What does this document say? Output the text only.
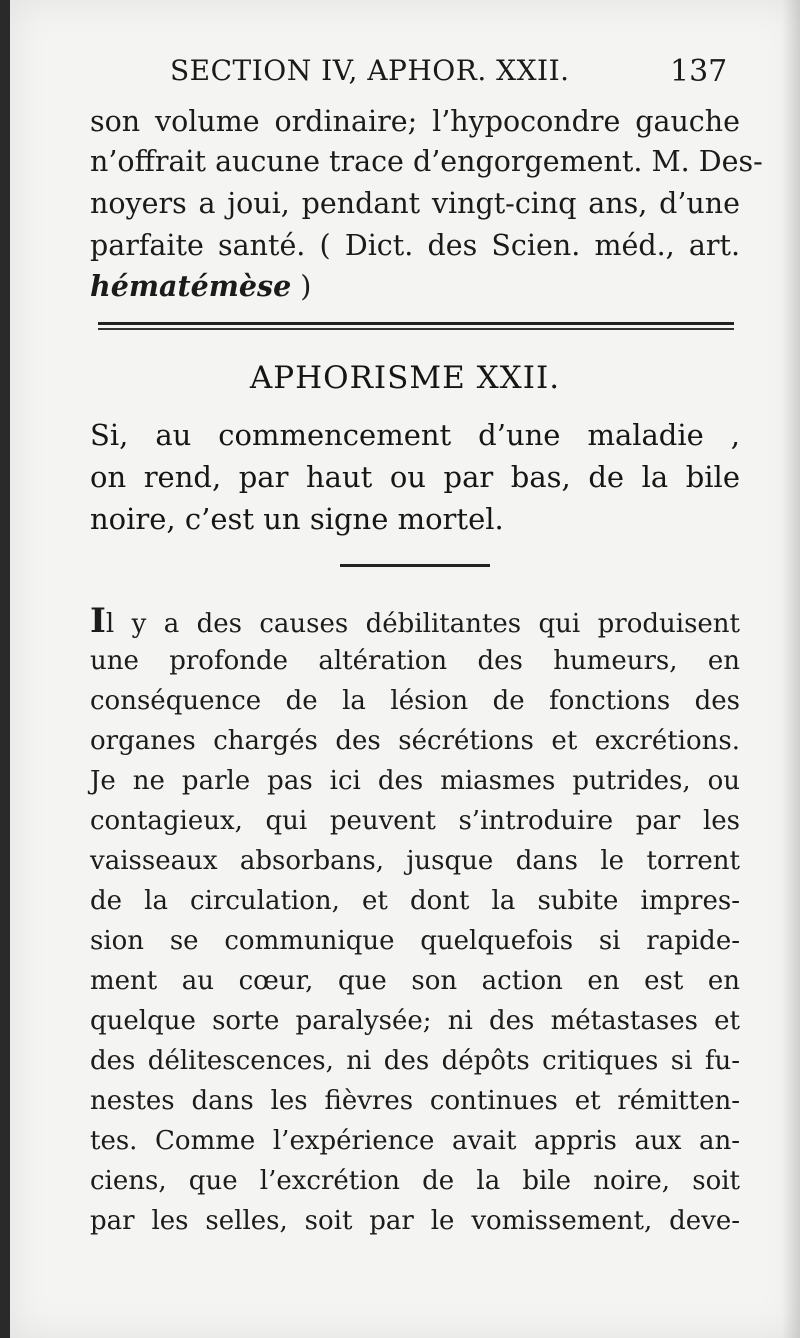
SECTION IV, APHOR. XXII.	137
son volume ordinaire; l’hypocondre gauche
n’offrait aucune trace d’engorgement. M. Des-
noyers a joui, pendant vingt-cinq ans, d’une
parfaite santé. ( Dict. des Scien. méd., art.
hématémèse )
APHORISME XXII.
Si, au commencement d’une maladie ,
on rend, par haut ou par bas, de la bile
noire, c’est un signe mortel.
Il y a des causes débilitantes qui produisent
une profonde altération des humeurs, en
conséquence de la lésion de fonctions des
organes chargés des sécrétions et excrétions.
Je ne parle pas ici des miasmes putrides, ou
contagieux, qui peuvent s’introduire par les
vaisseaux absorbans, jusque dans le torrent
de la circulation, et dont la subite impres-
sion se communique quelquefois si rapide-
ment au cœur, que son action en est en
quelque sorte paralysée; ni des métastases et
des délitescences, ni des dépôts critiques si fu-
nestes dans les fièvres continues et rémitten-
tes. Comme l’expérience avait appris aux an-
ciens, que l’excrétion de la bile noire, soit
par les selles, soit par le vomissement, deve-
